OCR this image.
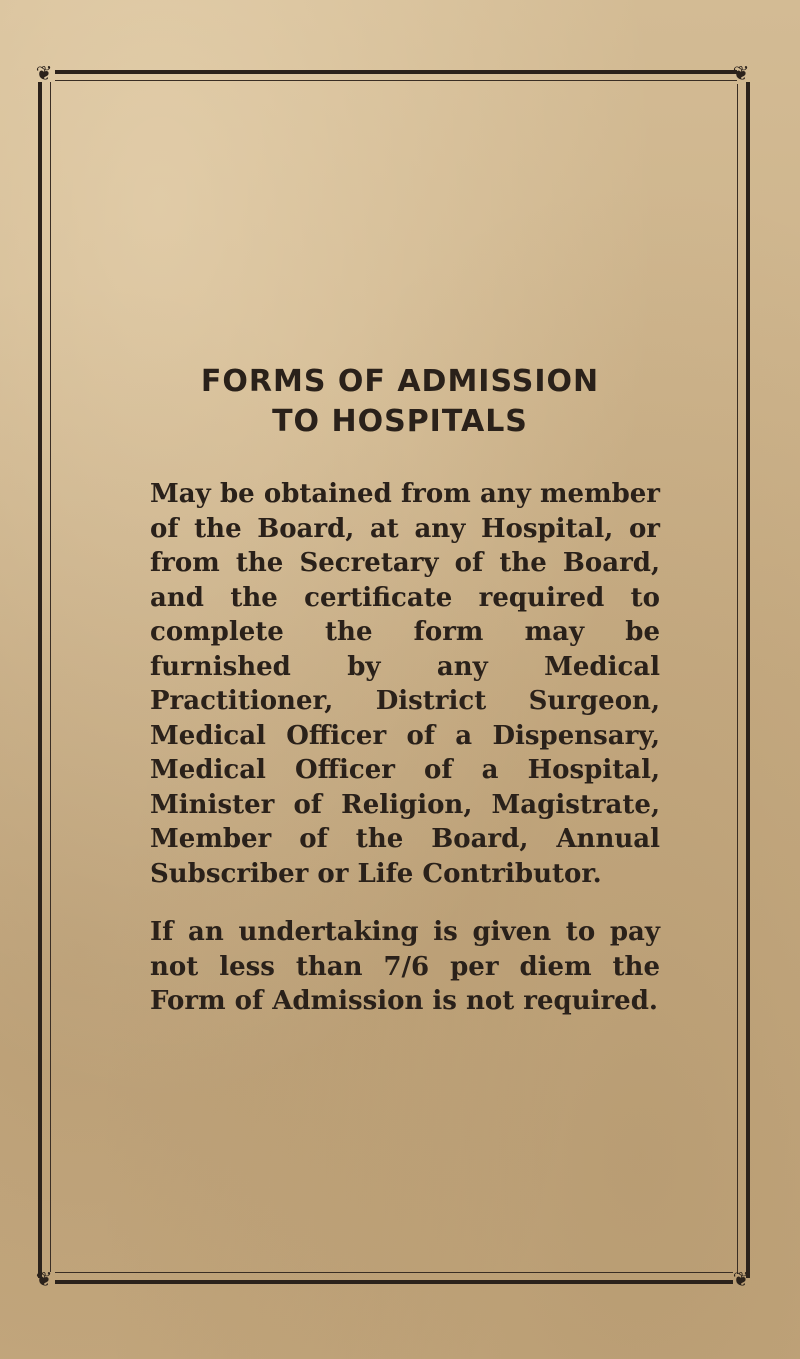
❦	❦
❦	❦

FORMS OF ADMISSION

TO HOSPITALS

May be obtained from any member of the Board, at any Hospital, or from the Secretary of the Board, and the certificate required to complete the form may be furnished by any Medical Practitioner, District Surgeon, Medical Officer of a Dispensary, Medical Officer of a Hospital, Minister of Religion, Magistrate, Member of the Board, Annual Subscriber or Life Contributor.

If an undertaking is given to pay not less than 7/6 per diem the Form of Admission is not required.
